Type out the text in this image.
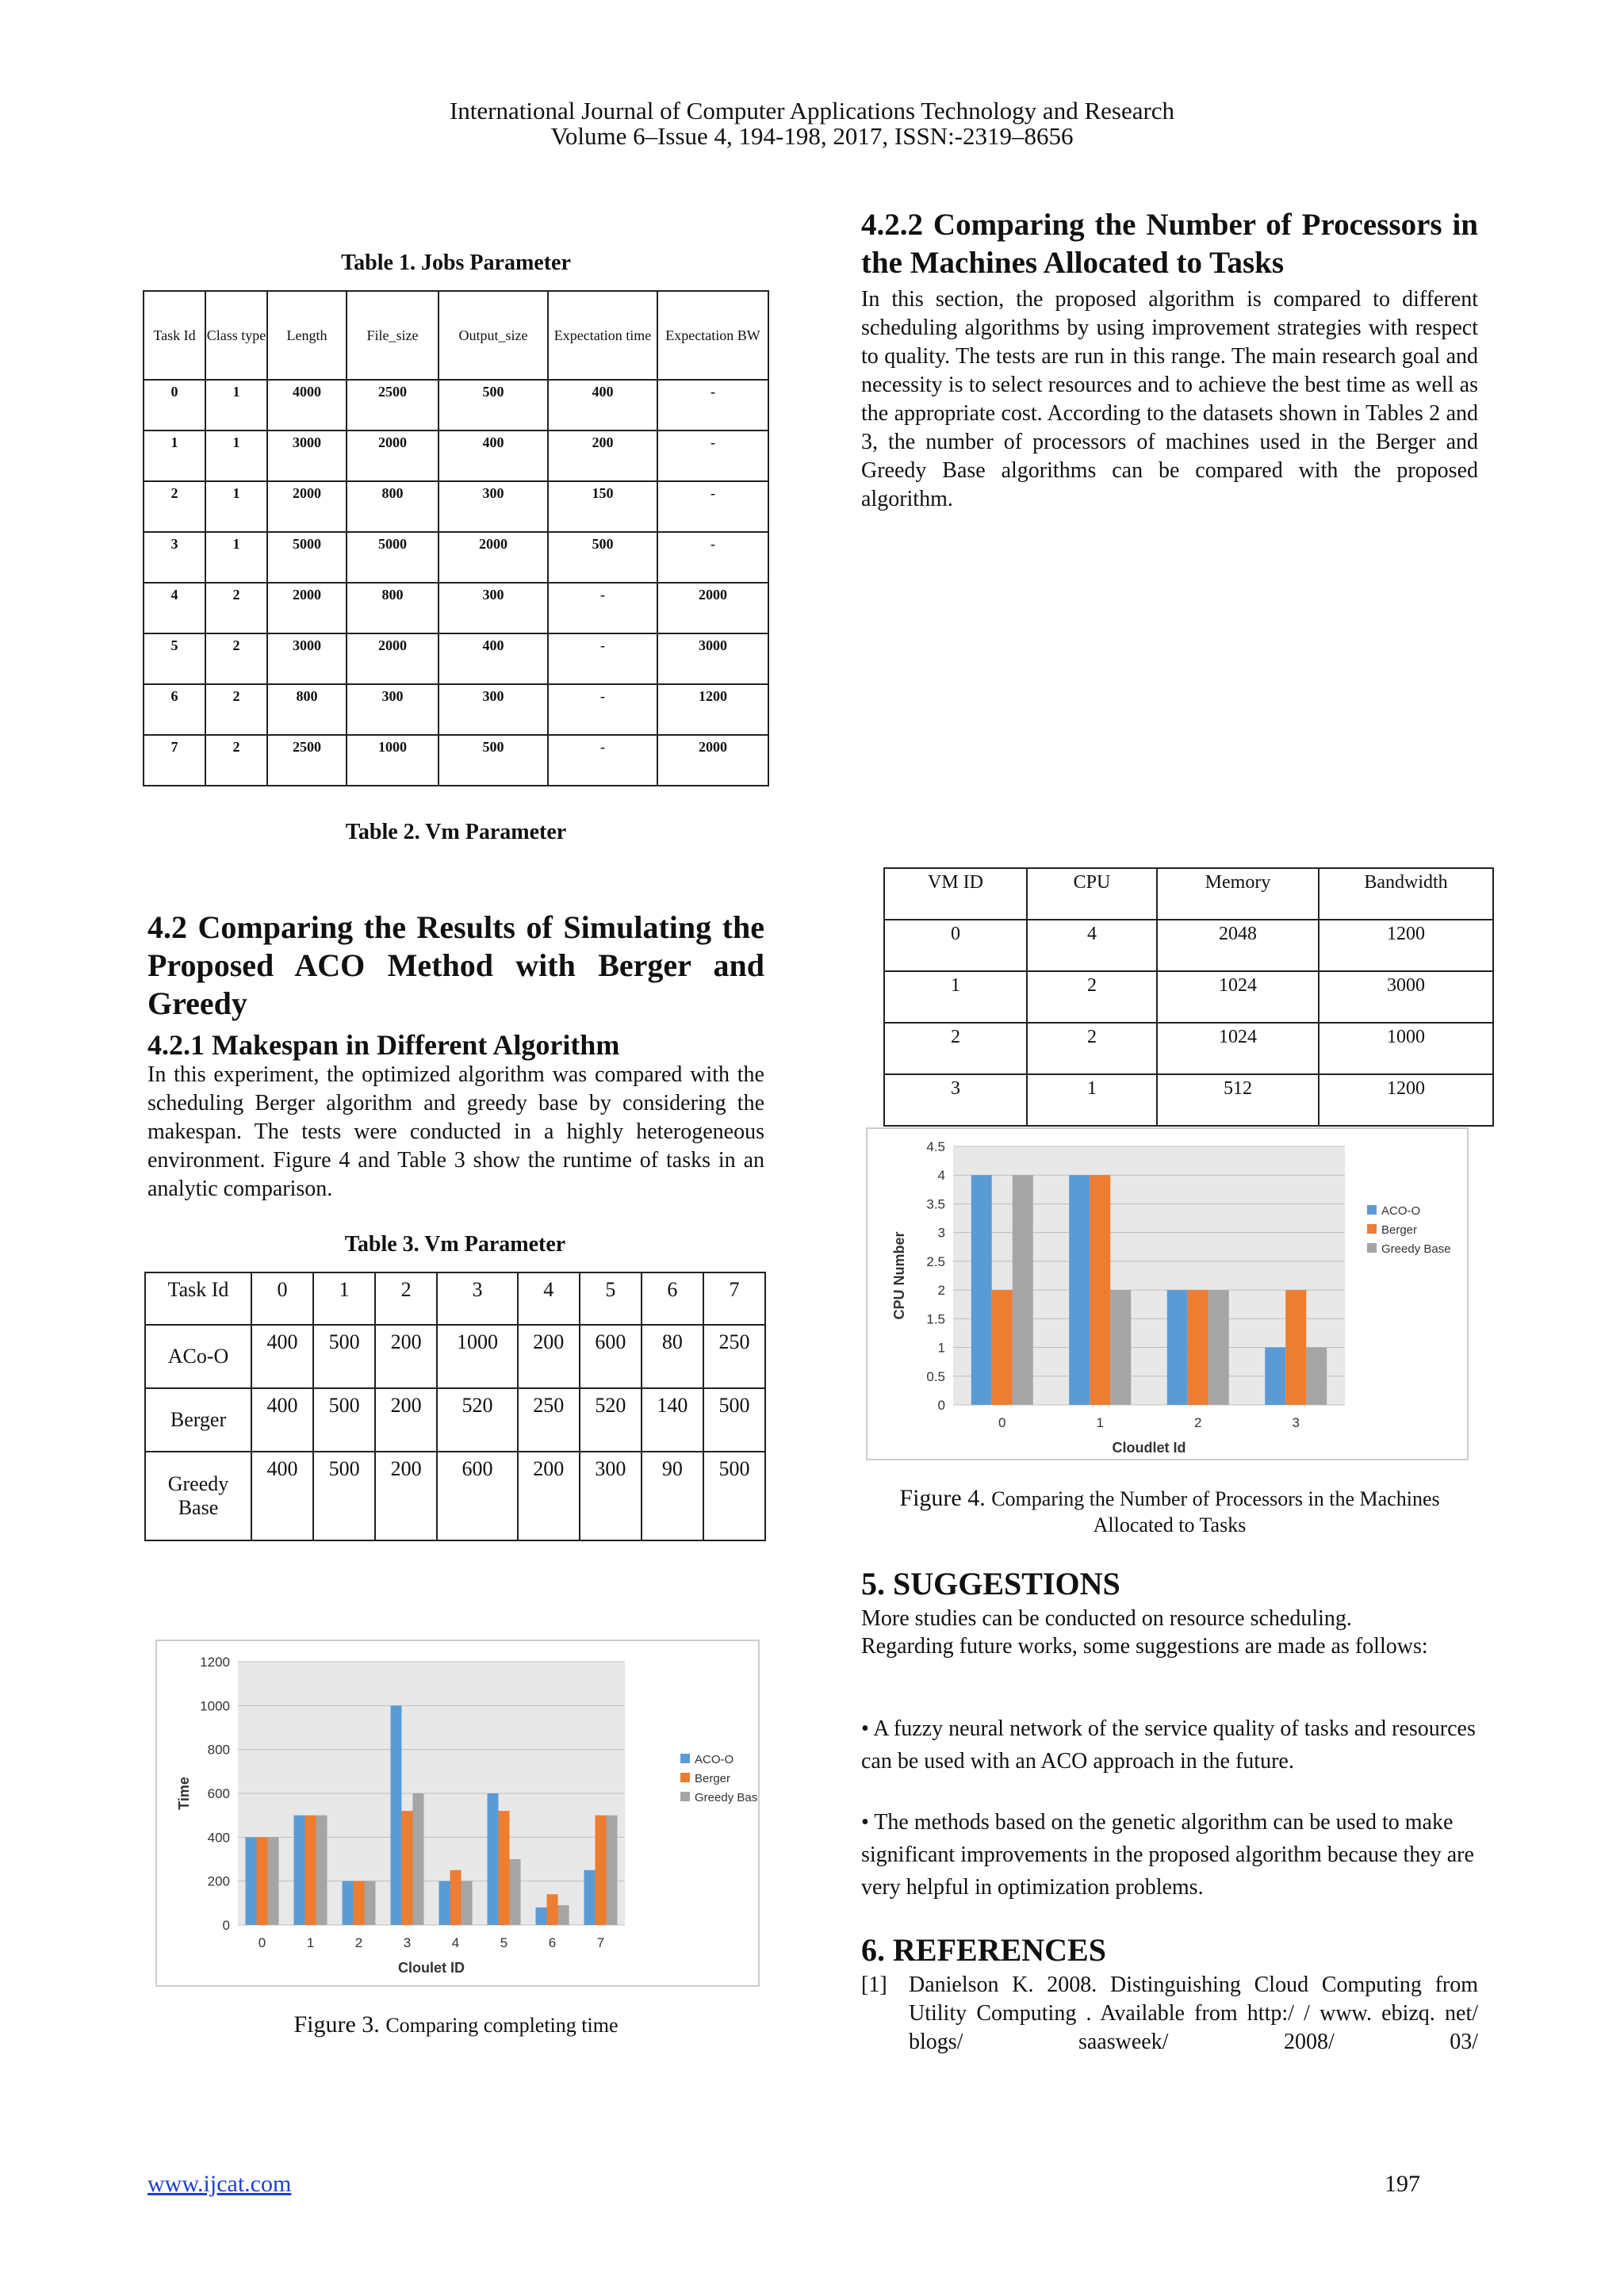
International Journal of Computer Applications Technology and Research
Volume 6–Issue 4, 194-198, 2017, ISSN:-2319–8656
Table 1. Jobs Parameter
Task Id	Class type	Length	File_size	Output_size	Expectation time	Expectation BW
0	1	4000	2500	500	400	-
1	1	3000	2000	400	200	-
2	1	2000	800	300	150	-
3	1	5000	5000	2000	500	-
4	2	2000	800	300	-	2000
5	2	3000	2000	400	-	3000
6	2	800	300	300	-	1200
7	2	2500	1000	500	-	2000
Table 2. Vm Parameter
4.2 Comparing the Results of Simulating the Proposed ACO Method with Berger and Greedy
4.2.1 Makespan in Different Algorithm
In this experiment, the optimized algorithm was compared with the scheduling Berger algorithm and greedy base by considering the makespan. The tests were conducted in a highly heterogeneous environment. Figure 4 and Table 3 show the runtime of tasks in an analytic comparison.
Table 3. Vm Parameter
Task Id	0	1	2	3	4	5	6	7
ACo-O	400	500	200	1000	200	600	80	250
Berger	400	500	200	520	250	520	140	500
Greedy Base	400	500	200	600	200	300	90	500
0
200
400
600
800
1000
1200
0	1	2	3	4	5	6	7
Cloulet ID
Time
ACO-O
Berger
Greedy Base
Figure 3. Comparing completing time
4.2.2 Comparing the Number of Processors in the Machines Allocated to Tasks
In this section, the proposed algorithm is compared to different scheduling algorithms by using improvement strategies with respect to quality. The tests are run in this range. The main research goal and necessity is to select resources and to achieve the best time as well as the appropriate cost. According to the datasets shown in Tables 2 and 3, the number of processors of machines used in the Berger and Greedy Base algorithms can be compared with the proposed algorithm.
VM ID	CPU	Memory	Bandwidth
0	4	2048	1200
1	2	1024	3000
2	2	1024	1000
3	1	512	1200
0
0.5
1
1.5
2
2.5
3
3.5
4
4.5
0	1	2	3
Cloudlet Id
CPU Number
ACO-O
Berger
Greedy Base
Figure 4. Comparing the Number of Processors in the Machines Allocated to Tasks
5. SUGGESTIONS
More studies can be conducted on resource scheduling. Regarding future works, some suggestions are made as follows:
• A fuzzy neural network of the service quality of tasks and resources can be used with an ACO approach in the future.
• The methods based on the genetic algorithm can be used to make significant improvements in the proposed algorithm because they are very helpful in optimization problems.
6. REFERENCES
[1] Danielson K. 2008. Distinguishing Cloud Computing from Utility Computing . Available from http:/ / www. ebizq. net/ blogs/ saasweek/ 2008/ 03/
www.ijcat.com	197
